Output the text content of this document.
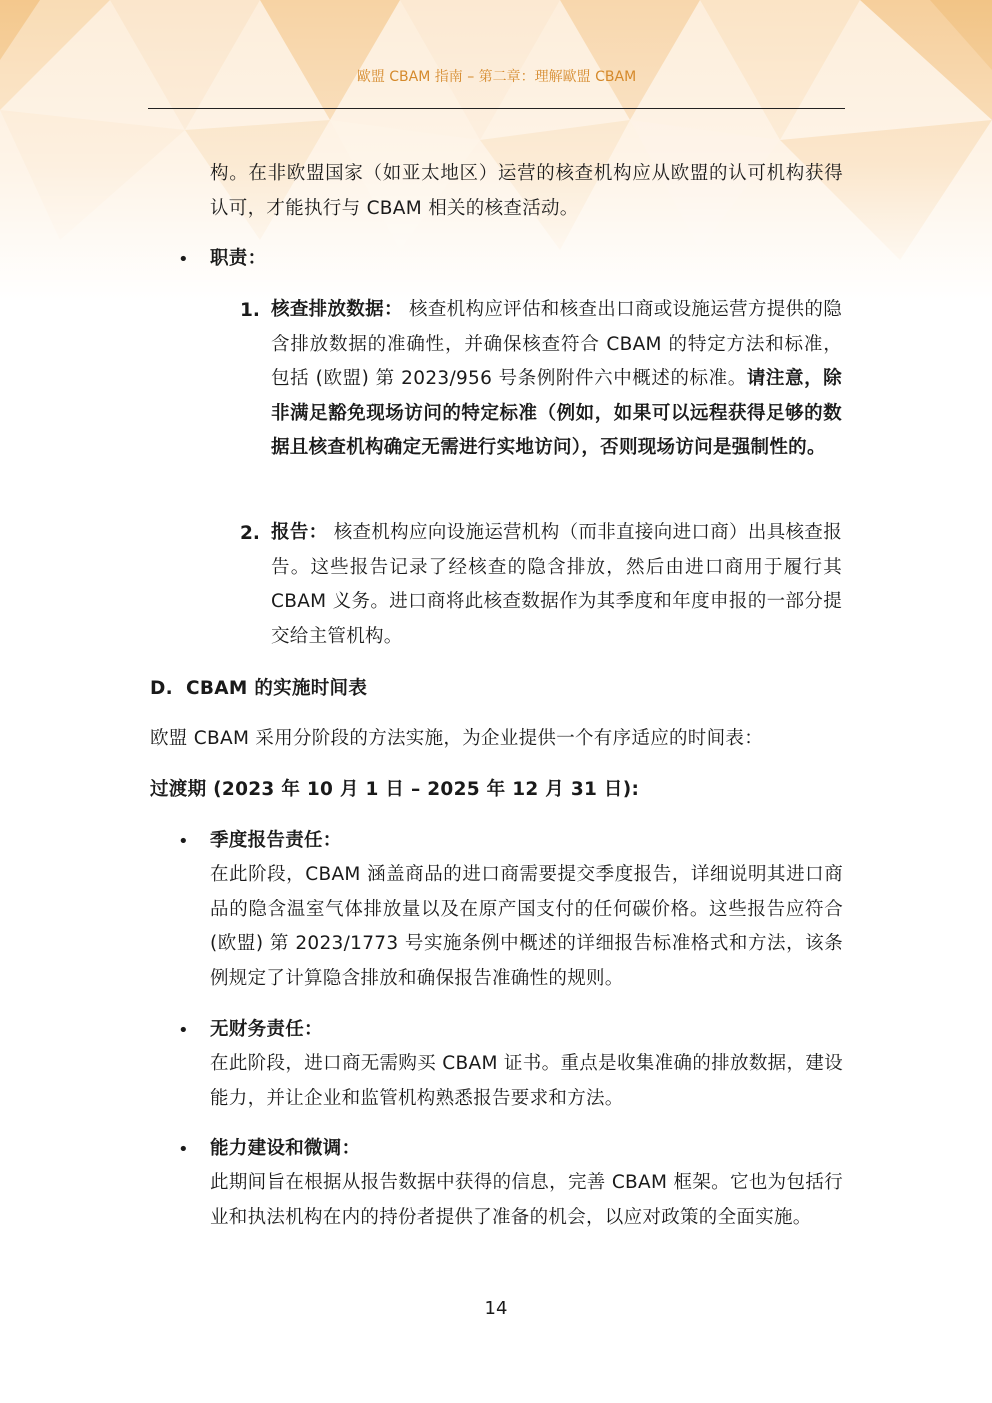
歐盟 CBAM 指南 – 第二章：理解歐盟 CBAM

构。在非欧盟国家（如亚太地区）运营的核查机构应从欧盟的认可机构获得认可，才能执行与 CBAM 相关的核查活动。

• 职责：

1. 核查排放数据： 核查机构应评估和核查出口商或设施运营方提供的隐含排放数据的准确性，并确保核查符合 CBAM 的特定方法和标准，包括 (欧盟) 第 2023/956 号条例附件六中概述的标准。请注意，除非满足豁免现场访问的特定标准（例如，如果可以远程获得足够的数据且核查机构确定无需进行实地访问），否则现场访问是强制性的。

2. 报告： 核查机构应向设施运营机构（而非直接向进口商）出具核查报告。这些报告记录了经核查的隐含排放，然后由进口商用于履行其 CBAM 义务。进口商将此核查数据作为其季度和年度申报的一部分提交给主管机构。

D. CBAM 的实施时间表

欧盟 CBAM 采用分阶段的方法实施，为企业提供一个有序适应的时间表：

过渡期 (2023 年 10 月 1 日 – 2025 年 12 月 31 日):

• 季度报告责任：

在此阶段，CBAM 涵盖商品的进口商需要提交季度报告，详细说明其进口商品的隐含温室气体排放量以及在原产国支付的任何碳价格。这些报告应符合 (欧盟) 第 2023/1773 号实施条例中概述的详细报告标准格式和方法，该条例规定了计算隐含排放和确保报告准确性的规则。

• 无财务责任：

在此阶段，进口商无需购买 CBAM 证书。重点是收集准确的排放数据，建设能力，并让企业和监管机构熟悉报告要求和方法。

• 能力建设和微调：

此期间旨在根据从报告数据中获得的信息，完善 CBAM 框架。它也为包括行业和执法机构在内的持份者提供了准备的机会，以应对政策的全面实施。

14
